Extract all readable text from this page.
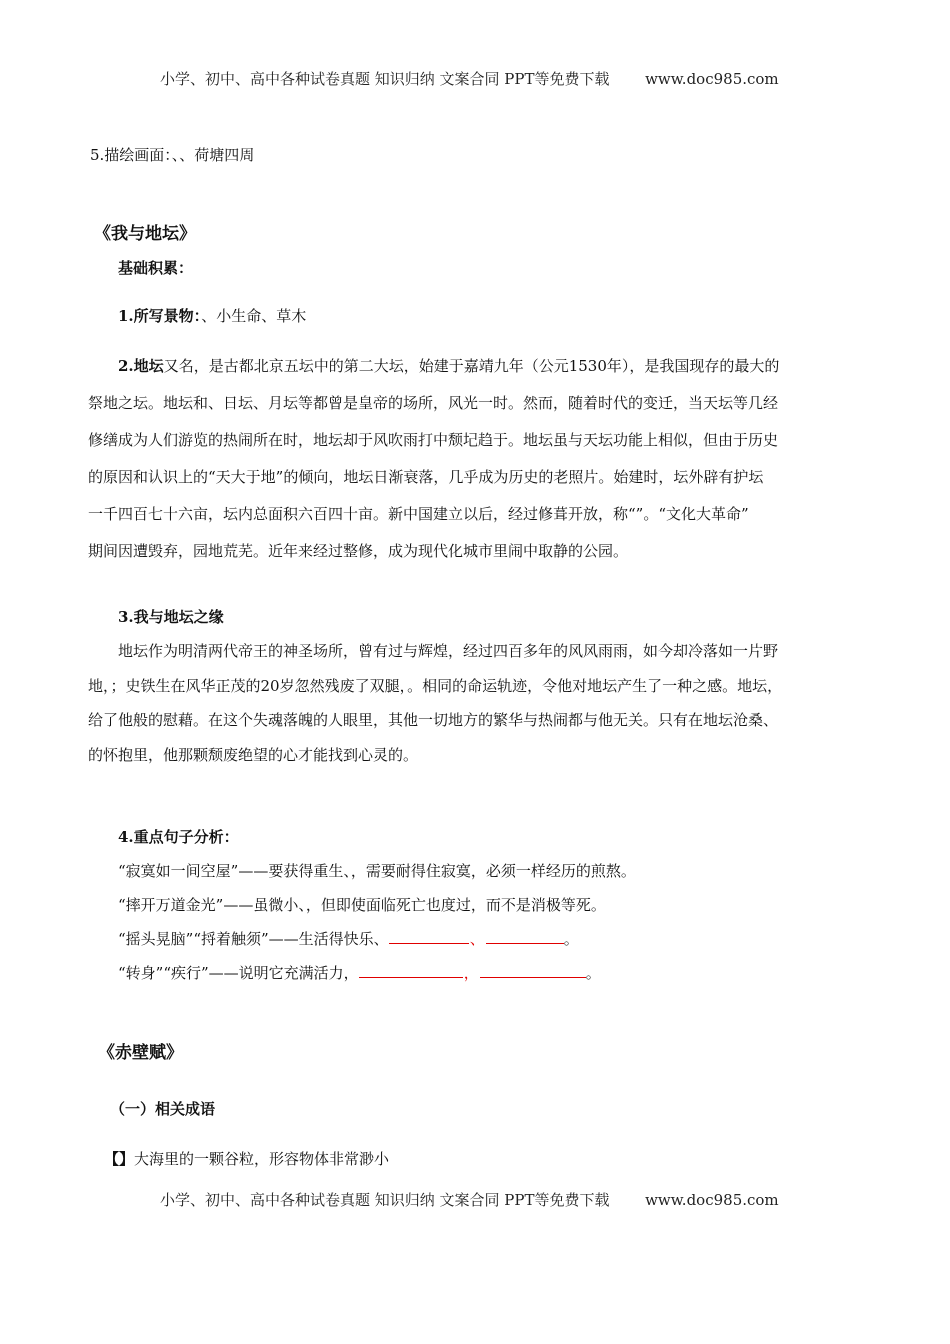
小学、初中、高中各种试卷真题 知识归纳 文案合同 PPT等免费下载 www.doc985.com
5.描绘画面：、、荷塘四周
《我与地坛》
基础积累：
1.所写景物：、小生命、草木
2.地坛又名，是古都北京五坛中的第二大坛，始建于嘉靖九年（公元1530年），是我国现存的最大的
祭地之坛。地坛和、日坛、月坛等都曾是皇帝的场所，风光一时。然而，随着时代的变迁，当天坛等几经
修缮成为人们游览的热闹所在时，地坛却于风吹雨打中颓圮趋于。地坛虽与天坛功能上相似，但由于历史
的原因和认识上的“天大于地”的倾向，地坛日渐衰落，几乎成为历史的老照片。始建时，坛外辟有护坛
一千四百七十六亩，坛内总面积六百四十亩。新中国建立以后，经过修葺开放，称“”。“文化大革命”
期间因遭毁弃，园地荒芜。近年来经过整修，成为现代化城市里闹中取静的公园。
3.我与地坛之缘
地坛作为明清两代帝王的神圣场所，曾有过与辉煌，经过四百多年的风风雨雨，如今却冷落如一片野
地，；史铁生在风华正茂的20岁忽然残废了双腿，。相同的命运轨迹，令他对地坛产生了一种之感。地坛，
给了他般的慰藉。在这个失魂落魄的人眼里，其他一切地方的繁华与热闹都与他无关。只有在地坛沧桑、
的怀抱里，他那颗颓废绝望的心才能找到心灵的。
4.重点句子分析：
“寂寞如一间空屋”——要获得重生、，需要耐得住寂寞，必须一样经历的煎熬。
“摔开万道金光”——虽微小、，但即使面临死亡也度过，而不是消极等死。
“摇头晃脑”“捋着触须”——生活得快乐、	、	。
“转身”“疾行”——说明它充满活力，	，	。
《赤壁赋》
（一）相关成语
【】大海里的一颗谷粒，形容物体非常渺小
小学、初中、高中各种试卷真题 知识归纳 文案合同 PPT等免费下载 www.doc985.com
